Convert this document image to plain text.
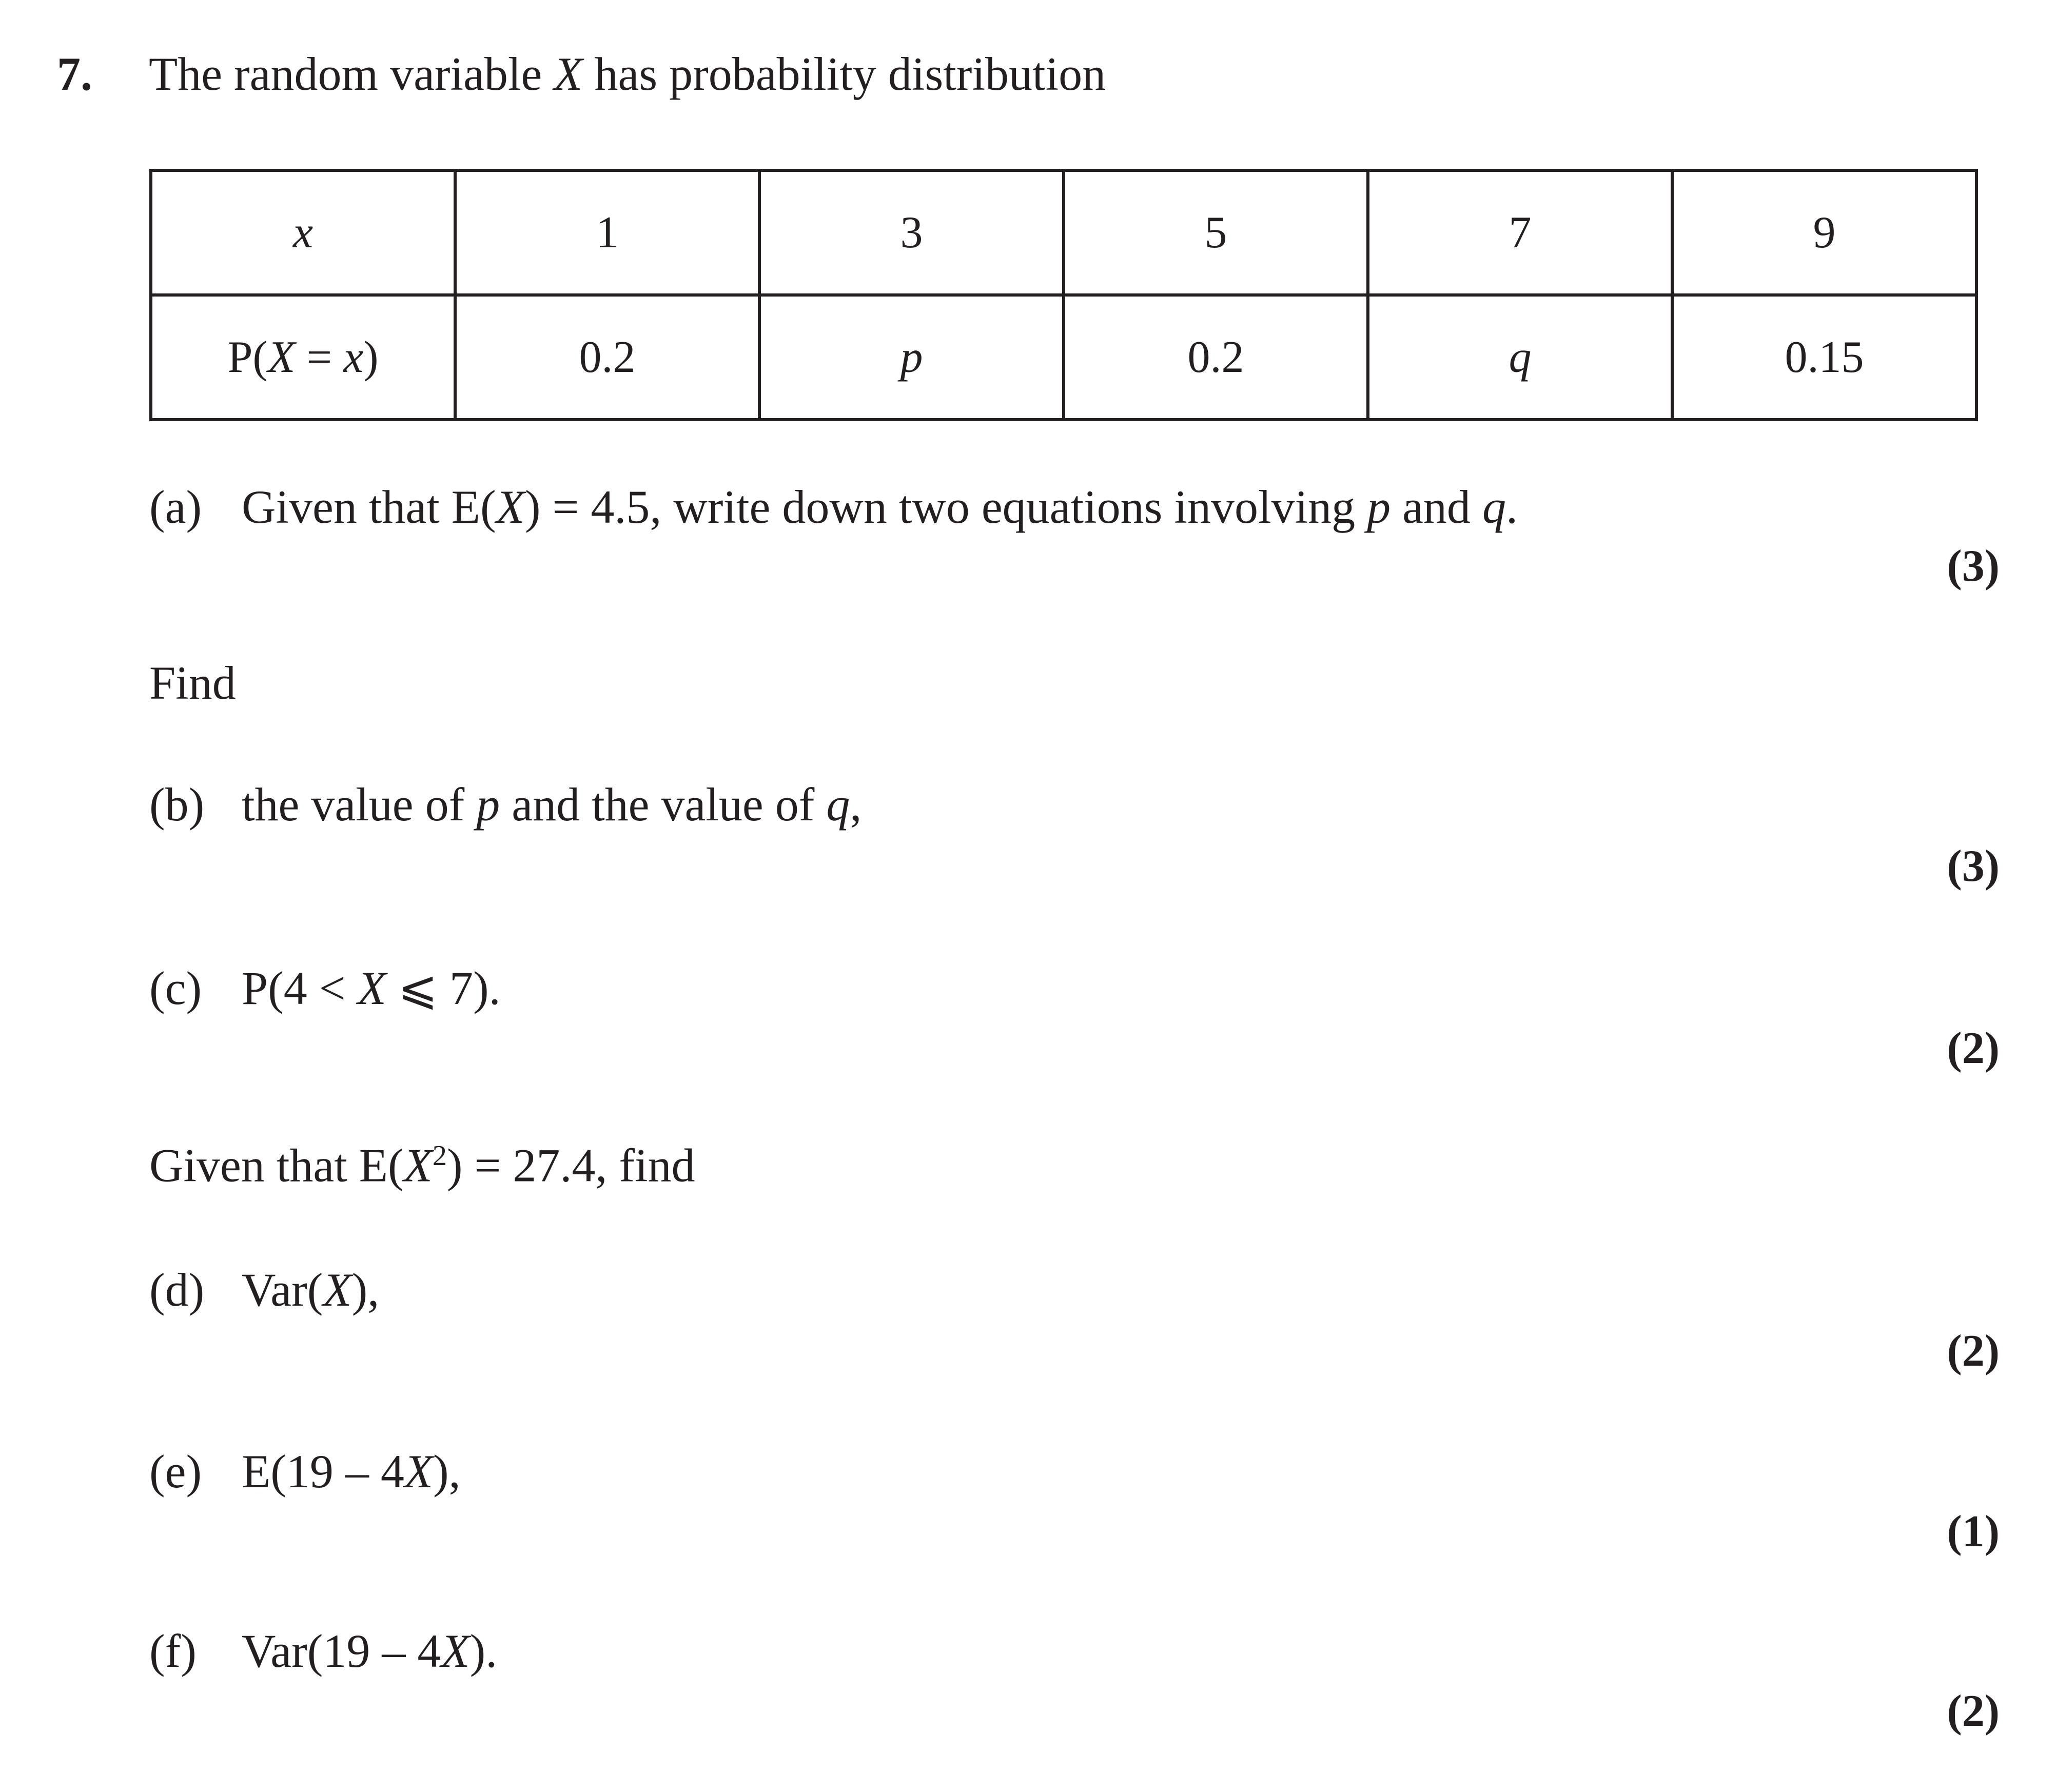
7. The random variable X has probability distribution
x	1	3	5	7	9
P(X = x)	0.2	p	0.2	q	0.15
(a) Given that E(X) = 4.5, write down two equations involving p and q.
(3)
Find
(b) the value of p and the value of q,
(3)
(c) P(4 < X ⩽ 7).
(2)
Given that $E(X^2) = 27.4$, find
(d) Var(X),
(2)
(e) E(19 – 4X),
(1)
(f) Var(19 – 4X).
(2)
